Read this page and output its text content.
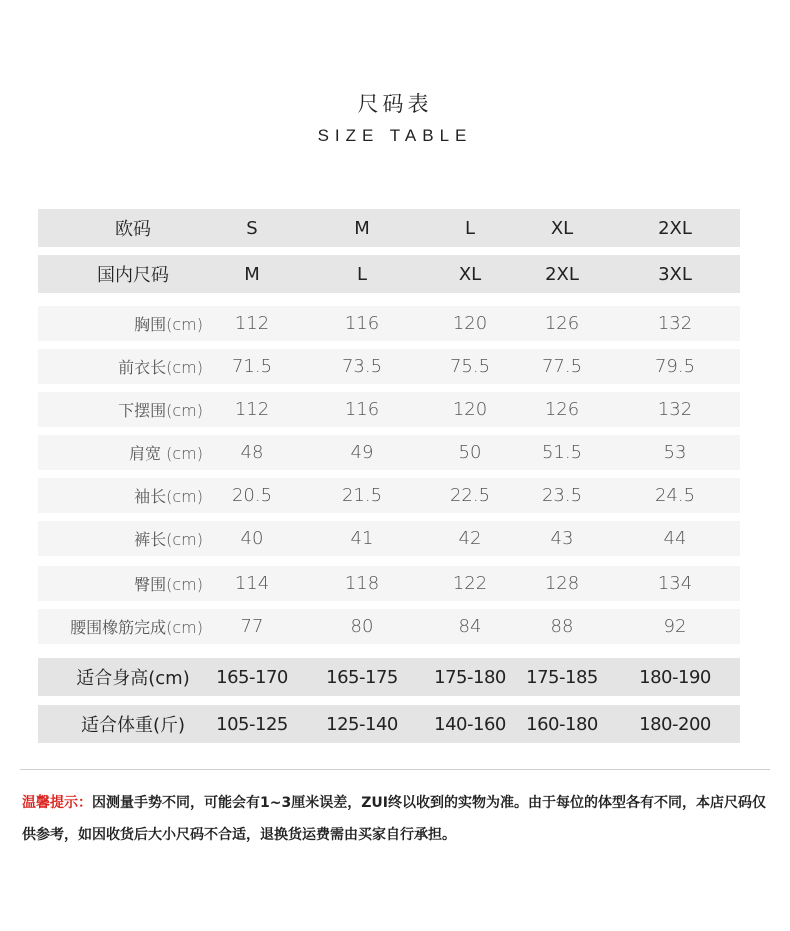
尺码表
SIZE TABLE
欧码	S	M	L	XL	2XL
国内尺码	M	L	XL	2XL	3XL
胸围(cm)	112	116	120	126	132
前衣长(cm)	71.5	73.5	75.5	77.5	79.5
下摆围(cm)	112	116	120	126	132
肩宽 (cm)	48	49	50	51.5	53
袖长(cm)	20.5	21.5	22.5	23.5	24.5
裤长(cm)	40	41	42	43	44
臀围(cm)	114	118	122	128	134
腰围橡筋完成(cm)	77	80	84	88	92
适合身高(cm)	165-170	165-175	175-180	175-185	180-190
适合体重(斤)	105-125	125-140	140-160	160-180	180-200
温馨提示：因测量手势不同，可能会有1~3厘米误差，ZUI终以收到的实物为准。由于每位的体型各有不同，本店尺码仅供参考，如因收货后大小尺码不合适，退换货运费需由买家自行承担。
